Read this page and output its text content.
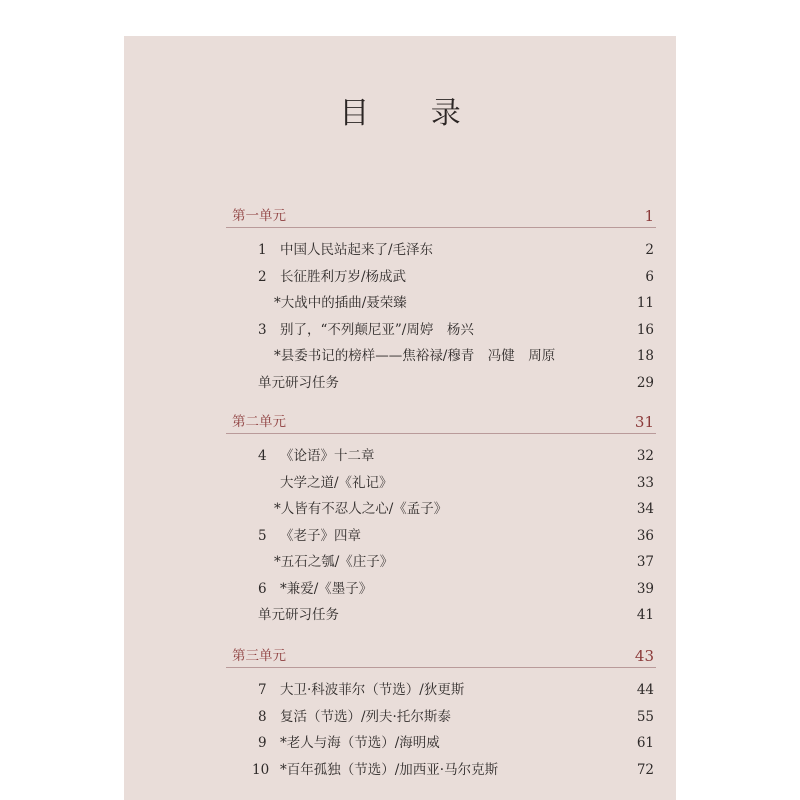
目 录
第一单元	1
1 中国人民站起来了/毛泽东	2
2 长征胜利万岁/杨成武	6
*大战中的插曲/聂荣臻	11
3 别了，“不列颠尼亚”/周婷　杨兴	16
*县委书记的榜样——焦裕禄/穆青　冯健　周原	18
单元研习任务	29
第二单元	31
4 《论语》十二章	32
大学之道/《礼记》	33
*人皆有不忍人之心/《孟子》	34
5 《老子》四章	36
*五石之瓠/《庄子》	37
6 *兼爱/《墨子》	39
单元研习任务	41
第三单元	43
7 大卫·科波菲尔（节选）/狄更斯	44
8 复活（节选）/列夫·托尔斯泰	55
9 *老人与海（节选）/海明威	61
10 *百年孤独（节选）/加西亚·马尔克斯	72
